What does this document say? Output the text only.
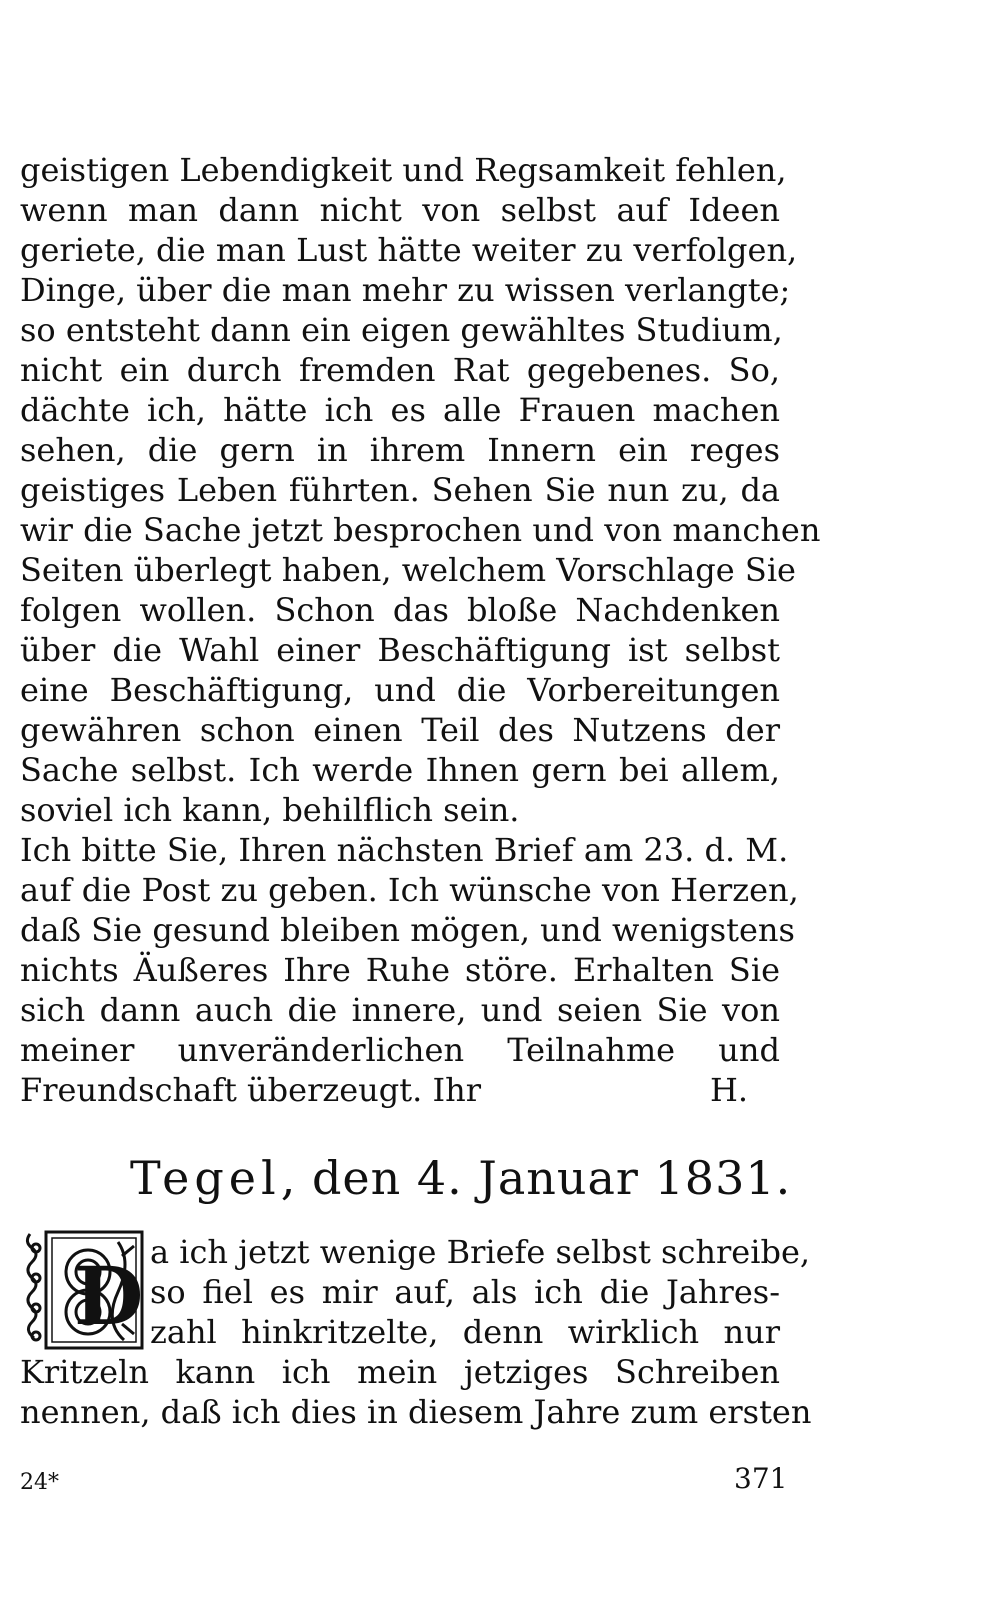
geistigen Lebendigkeit und Regsamkeit fehlen,
wenn man dann nicht von selbst auf Ideen
geriete, die man Lust hätte weiter zu verfolgen,
Dinge, über die man mehr zu wissen verlangte;
so entsteht dann ein eigen gewähltes Studium,
nicht ein durch fremden Rat gegebenes. So,
dächte ich, hätte ich es alle Frauen machen
sehen, die gern in ihrem Innern ein reges
geistiges Leben führten. Sehen Sie nun zu, da
wir die Sache jetzt besprochen und von manchen
Seiten überlegt haben, welchem Vorschlage Sie
folgen wollen. Schon das bloße Nachdenken
über die Wahl einer Beschäftigung ist selbst
eine Beschäftigung, und die Vorbereitungen
gewähren schon einen Teil des Nutzens der
Sache selbst. Ich werde Ihnen gern bei allem,
soviel ich kann, behilflich sein.
Ich bitte Sie, Ihren nächsten Brief am 23. d. M.
auf die Post zu geben. Ich wünsche von Herzen,
daß Sie gesund bleiben mögen, und wenigstens
nichts Äußeres Ihre Ruhe störe. Erhalten Sie
sich dann auch die innere, und seien Sie von
meiner unveränderlichen Teilnahme und
Freundschaft überzeugt. Ihr	H.
Tegel, den 4. Januar 1831.
D a ich jetzt wenige Briefe selbst schreibe,
so fiel es mir auf, als ich die Jahres-
zahl hinkritzelte, denn wirklich nur
Kritzeln kann ich mein jetziges Schreiben
nennen, daß ich dies in diesem Jahre zum ersten
24*	371
